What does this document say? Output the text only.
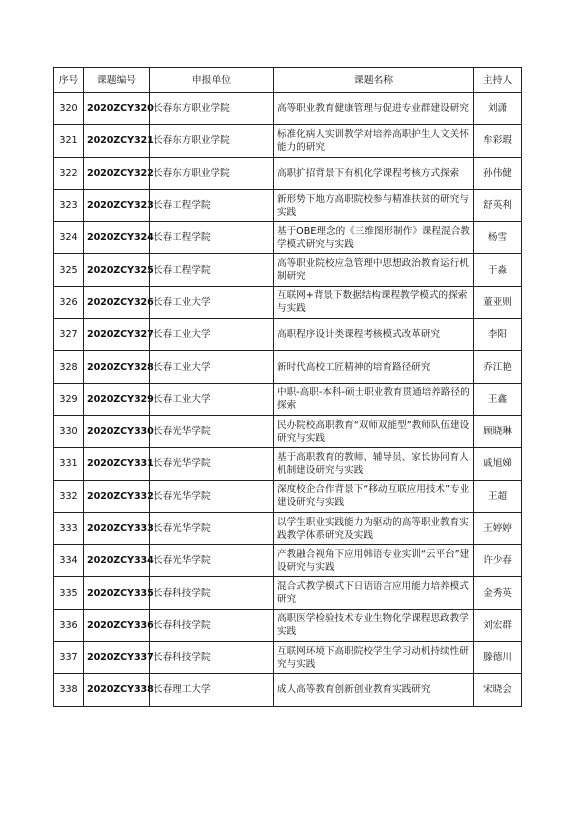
序号	课题编号	申报单位	课题名称	主持人
320	2020ZCY320	长春东方职业学院	高等职业教育健康管理与促进专业群建设研究	刘潇
321	2020ZCY321	长春东方职业学院	标准化病人实训教学对培养高职护生人文关怀能力的研究	牟彩瑕
322	2020ZCY322	长春东方职业学院	高职扩招背景下有机化学课程考核方式探索	孙伟健
323	2020ZCY323	长春工程学院	新形势下地方高职院校参与精准扶贫的研究与实践	舒英利
324	2020ZCY324	长春工程学院	基于OBE理念的《三维图形制作》课程混合教学模式研究与实践	杨雪
325	2020ZCY325	长春工程学院	高等职业院校应急管理中思想政治教育运行机制研究	于淼
326	2020ZCY326	长春工业大学	互联网+背景下数据结构课程教学模式的探索与实践	董亚则
327	2020ZCY327	长春工业大学	高职程序设计类课程考核模式改革研究	李阳
328	2020ZCY328	长春工业大学	新时代高校工匠精神的培育路径研究	乔江艳
329	2020ZCY329	长春工业大学	中职-高职-本科-硕士职业教育贯通培养路径的探索	王鑫
330	2020ZCY330	长春光华学院	民办院校高职教育“双师双能型”教师队伍建设研究与实践	顾晓琳
331	2020ZCY331	长春光华学院	基于高职教育的教师、辅导员、家长协同育人机制建设研究与实践	戚旭娣
332	2020ZCY332	长春光华学院	深度校企合作背景下“移动互联应用技术”专业建设研究与实践	王超
333	2020ZCY333	长春光华学院	以学生职业实践能力为驱动的高等职业教育实践教学体系研究及实践	王婷婷
334	2020ZCY334	长春光华学院	产教融合视角下应用韩语专业实训“云平台”建设研究与实践	许少春
335	2020ZCY335	长春科技学院	混合式教学模式下日语语言应用能力培养模式研究	金秀英
336	2020ZCY336	长春科技学院	高职医学检验技术专业生物化学课程思政教学实践	刘宏群
337	2020ZCY337	长春科技学院	互联网环境下高职院校学生学习动机持续性研究与实践	滕德川
338	2020ZCY338	长春理工大学	成人高等教育创新创业教育实践研究	宋晓会
